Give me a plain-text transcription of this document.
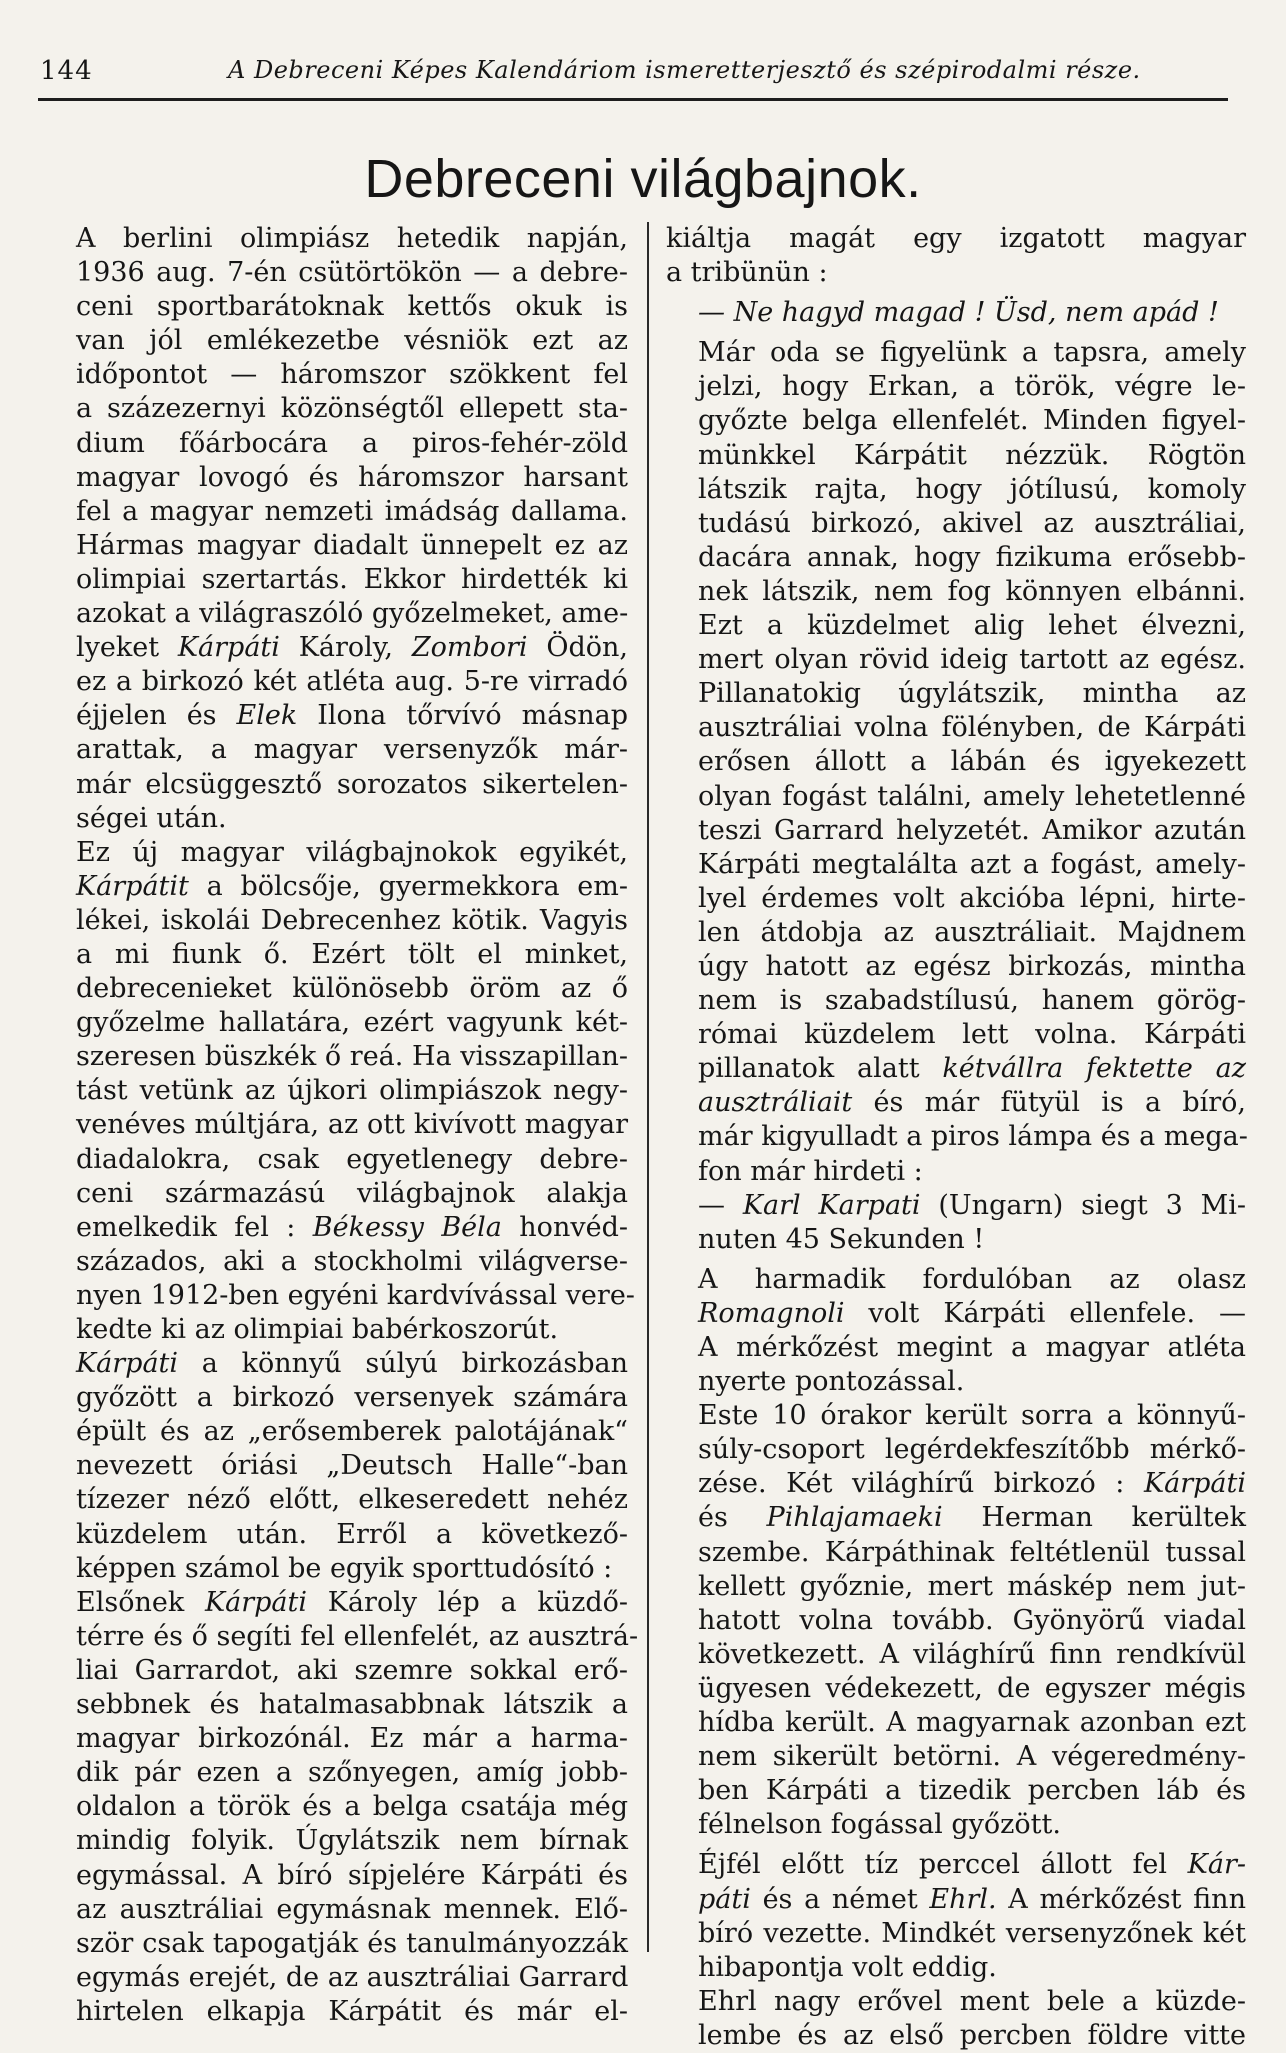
144	A Debreceni Képes Kalendáriom ismeretterjesztő és szépirodalmi része.
Debreceni világbajnok.

A berlini olimpiász hetedik napján,
1936 aug. 7-én csütörtökön — a debre-
ceni sportbarátoknak kettős okuk is
van jól emlékezetbe vésniök ezt az
időpontot — háromszor szökkent fel
a százezernyi közönségtől ellepett sta-
dium főárbocára a piros-fehér-zöld
magyar lovogó és háromszor harsant
fel a magyar nemzeti imádság dallama.
Hármas magyar diadalt ünnepelt ez az
olimpiai szertartás. Ekkor hirdették ki
azokat a világraszóló győzelmeket, ame-
lyeket Kárpáti Károly, Zombori Ödön,
ez a birkozó két atléta aug. 5-re virradó
éjjelen és Elek Ilona tőrvívó másnap
arattak, a magyar versenyzők már-
már elcsüggesztő sorozatos sikertelen-
ségei után.

Ez új magyar világbajnokok egyikét,
Kárpátit a bölcsője, gyermekkora em-
lékei, iskolái Debrecenhez kötik. Vagyis
a mi fiunk ő. Ezért tölt el minket,
debrecenieket különösebb öröm az ő
győzelme hallatára, ezért vagyunk két-
szeresen büszkék ő reá. Ha visszapillan-
tást vetünk az újkori olimpiászok negy-
venéves múltjára, az ott kivívott magyar
diadalokra, csak egyetlenegy debre-
ceni származású világbajnok alakja
emelkedik fel : Békessy Béla honvéd-
százados, aki a stockholmi világverse-
nyen 1912-ben egyéni kardvívással vere-
kedte ki az olimpiai babérkoszorút.

Kárpáti a könnyű súlyú birkozásban
győzött a birkozó versenyek számára
épült és az „erősemberek palotájának“
nevezett óriási „Deutsch Halle“-ban
tízezer néző előtt, elkeseredett nehéz
küzdelem után. Erről a következő-
képpen számol be egyik sporttudósító :

Elsőnek Kárpáti Károly lép a küzdő-
térre és ő segíti fel ellenfelét, az ausztrá-
liai Garrardot, aki szemre sokkal erő-
sebbnek és hatalmasabbnak látszik a
magyar birkozónál. Ez már a harma-
dik pár ezen a szőnyegen, amíg jobb-
oldalon a török és a belga csatája még
mindig folyik. Úgylátszik nem bírnak
egymással. A bíró sípjelére Kárpáti és
az ausztráliai egymásnak mennek. Elő-
ször csak tapogatják és tanulmányozzák
egymás erejét, de az ausztráliai Garrard
hirtelen elkapja Kárpátit és már el-

kiáltja magát egy izgatott magyar
a tribünün :

— Ne hagyd magad ! Üsd, nem apád !

Már oda se figyelünk a tapsra, amely
jelzi, hogy Erkan, a török, végre le-
győzte belga ellenfelét. Minden figyel-
münkkel Kárpátit nézzük. Rögtön
látszik rajta, hogy jótílusú, komoly
tudású birkozó, akivel az ausztráliai,
dacára annak, hogy fizikuma erősebb-
nek látszik, nem fog könnyen elbánni.
Ezt a küzdelmet alig lehet élvezni,
mert olyan rövid ideig tartott az egész.
Pillanatokig úgylátszik, mintha az
ausztráliai volna fölényben, de Kárpáti
erősen állott a lábán és igyekezett
olyan fogást találni, amely lehetetlenné
teszi Garrard helyzetét. Amikor azután
Kárpáti megtalálta azt a fogást, amely-
lyel érdemes volt akcióba lépni, hirte-
len átdobja az ausztráliait. Majdnem
úgy hatott az egész birkozás, mintha
nem is szabadstílusú, hanem görög-
római küzdelem lett volna. Kárpáti
pillanatok alatt kétvállra fektette az
ausztráliait és már fütyül is a bíró,
már kigyulladt a piros lámpa és a mega-
fon már hirdeti :

— Karl Karpati (Ungarn) siegt 3 Mi-
nuten 45 Sekunden !

A harmadik fordulóban az olasz
Romagnoli volt Kárpáti ellenfele. —
A mérkőzést megint a magyar atléta
nyerte pontozással.

Este 10 órakor került sorra a könnyű-
súly-csoport legérdekfeszítőbb mérkő-
zése. Két világhírű birkozó : Kárpáti
és Pihlajamaeki Herman kerültek
szembe. Kárpáthinak feltétlenül tussal
kellett győznie, mert máskép nem jut-
hatott volna tovább. Gyönyörű viadal
következett. A világhírű finn rendkívül
ügyesen védekezett, de egyszer mégis
hídba került. A magyarnak azonban ezt
nem sikerült betörni. A végeredmény-
ben Kárpáti a tizedik percben láb és
félnelson fogással győzött.

Éjfél előtt tíz perccel állott fel Kár-
páti és a német Ehrl. A mérkőzést finn
bíró vezette. Mindkét versenyzőnek két
hibapontja volt eddig.

Ehrl nagy erővel ment bele a küzde-
lembe és az első percben földre vitte
